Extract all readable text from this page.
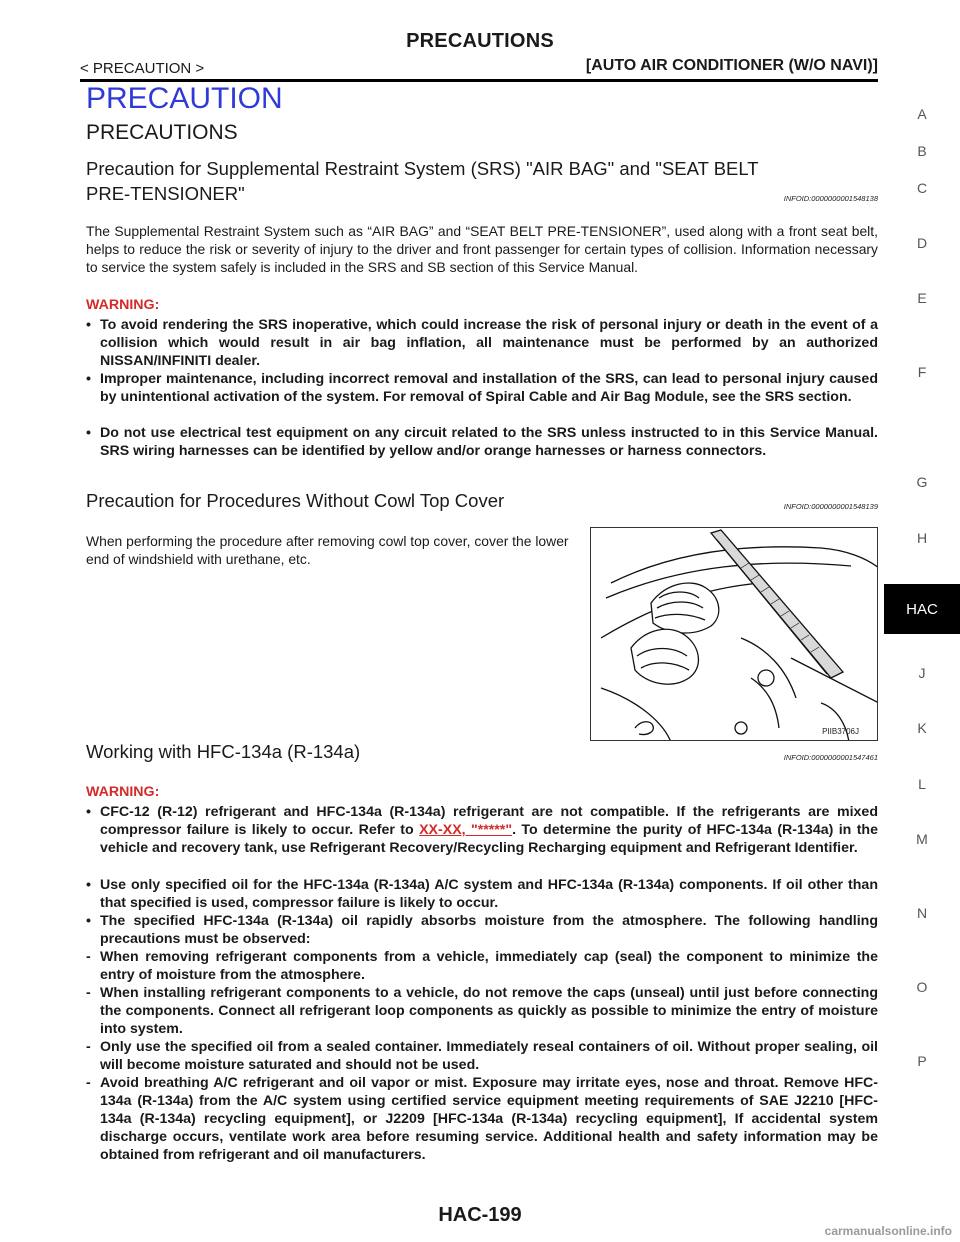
PRECAUTIONS
< PRECAUTION >	[AUTO AIR CONDITIONER (W/O NAVI)]
PRECAUTION
PRECAUTIONS
Precaution for Supplemental Restraint System (SRS) "AIR BAG" and "SEAT BELT
PRE-TENSIONER"	INFOID:0000000001548138
The Supplemental Restraint System such as “AIR BAG” and “SEAT BELT PRE-TENSIONER”, used along with a front seat belt, helps to reduce the risk or severity of injury to the driver and front passenger for certain types of collision. Information necessary to service the system safely is included in the SRS and SB section of this Service Manual.
WARNING:
• To avoid rendering the SRS inoperative, which could increase the risk of personal injury or death in the event of a collision which would result in air bag inflation, all maintenance must be performed by an authorized NISSAN/INFINITI dealer.
• Improper maintenance, including incorrect removal and installation of the SRS, can lead to personal injury caused by unintentional activation of the system. For removal of Spiral Cable and Air Bag Module, see the SRS section.
• Do not use electrical test equipment on any circuit related to the SRS unless instructed to in this Service Manual. SRS wiring harnesses can be identified by yellow and/or orange harnesses or harness connectors.
Precaution for Procedures Without Cowl Top Cover	INFOID:0000000001548139
When performing the procedure after removing cowl top cover, cover the lower end of windshield with urethane, etc.
PIIB3706J
Working with HFC-134a (R-134a)	INFOID:0000000001547461
WARNING:
• CFC-12 (R-12) refrigerant and HFC-134a (R-134a) refrigerant are not compatible. If the refrigerants are mixed compressor failure is likely to occur. Refer to XX-XX, "*****". To determine the purity of HFC-134a (R-134a) in the vehicle and recovery tank, use Refrigerant Recovery/Recycling Recharging equipment and Refrigerant Identifier.
• Use only specified oil for the HFC-134a (R-134a) A/C system and HFC-134a (R-134a) components. If oil other than that specified is used, compressor failure is likely to occur.
• The specified HFC-134a (R-134a) oil rapidly absorbs moisture from the atmosphere. The following handling precautions must be observed:
- When removing refrigerant components from a vehicle, immediately cap (seal) the component to minimize the entry of moisture from the atmosphere.
- When installing refrigerant components to a vehicle, do not remove the caps (unseal) until just before connecting the components. Connect all refrigerant loop components as quickly as possible to minimize the entry of moisture into system.
- Only use the specified oil from a sealed container. Immediately reseal containers of oil. Without proper sealing, oil will become moisture saturated and should not be used.
- Avoid breathing A/C refrigerant and oil vapor or mist. Exposure may irritate eyes, nose and throat. Remove HFC-134a (R-134a) from the A/C system using certified service equipment meeting requirements of SAE J2210 [HFC-134a (R-134a) recycling equipment], or J2209 [HFC-134a (R-134a) recycling equipment], If accidental system discharge occurs, ventilate work area before resuming service. Additional health and safety information may be obtained from refrigerant and oil manufacturers.
A
B
C
D
E
F
G
H
J
K
L
M
N
O
P
HAC
HAC-199
carmanualsonline.info
